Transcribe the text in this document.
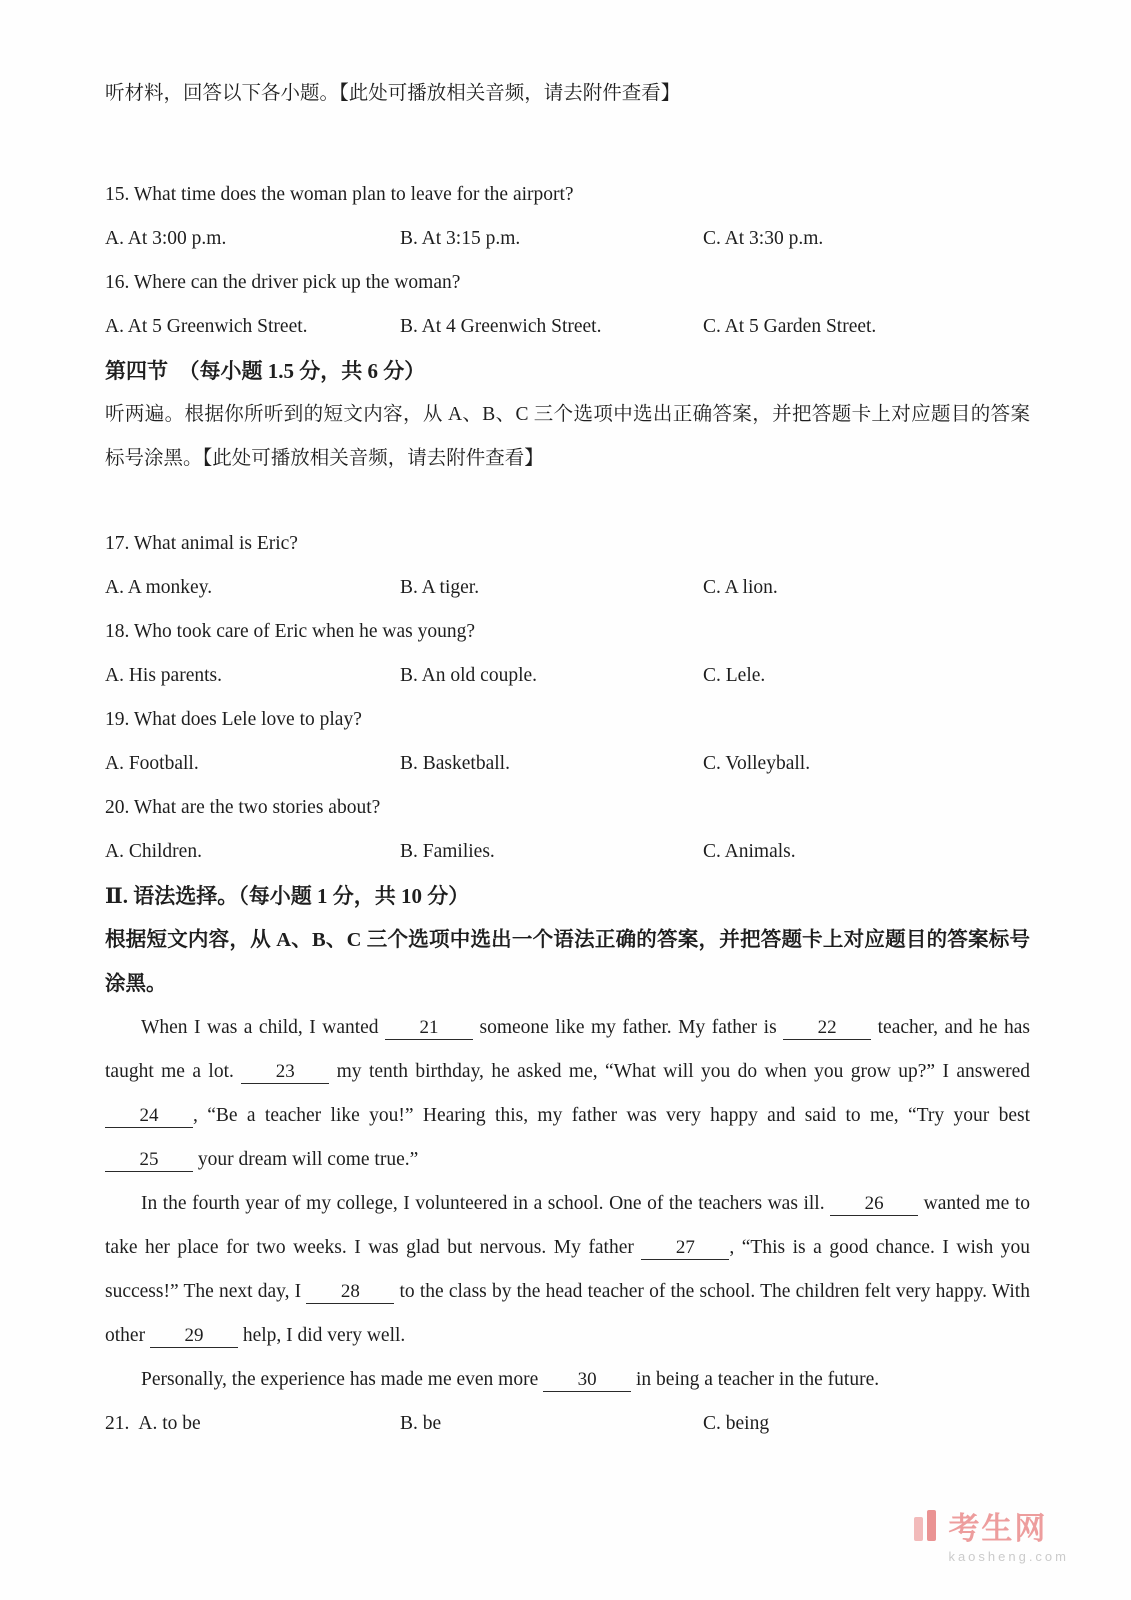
听材料，回答以下各小题。【此处可播放相关音频，请去附件查看】

15. What time does the woman plan to leave for the airport?

A. At 3:00 p.m.	B. At 3:15 p.m.	C. At 3:30 p.m.

16. Where can the driver pick up the woman?

A. At 5 Greenwich Street.	B. At 4 Greenwich Street.	C. At 5 Garden Street.

第四节　（每小题 1.5 分，共 6 分）

听两遍。根据你所听到的短文内容，从 A、B、C 三个选项中选出正确答案，并把答题卡上对应题目的答案标号涂黑。【此处可播放相关音频，请去附件查看】

17. What animal is Eric?

A. A monkey.	B. A tiger.	C. A lion.

18. Who took care of Eric when he was young?

A. His parents.	B. An old couple.	C. Lele.

19. What does Lele love to play?

A. Football.	B. Basketball.	C. Volleyball.

20. What are the two stories about?

A. Children.	B. Families.	C. Animals.

Ⅱ. 语法选择。（每小题 1 分，共 10 分）

根据短文内容，从 A、B、C 三个选项中选出一个语法正确的答案，并把答题卡上对应题目的答案标号涂黑。

When I was a child, I wanted 21 someone like my father. My father is 22 teacher, and he has taught me a lot. 23 my tenth birthday, he asked me, “What will you do when you grow up?” I answered 24 , “Be a teacher like you!” Hearing this, my father was very happy and said to me, “Try your best 25 your dream will come true.”

In the fourth year of my college, I volunteered in a school. One of the teachers was ill. 26 wanted me to take her place for two weeks. I was glad but nervous. My father 27 , “This is a good chance. I wish you success!” The next day, I 28 to the class by the head teacher of the school. The children felt very happy. With other 29 help, I did very well.

Personally, the experience has made me even more 30 in being a teacher in the future.

21. A. to be	B. be	C. being
考生网
kaosheng.com
